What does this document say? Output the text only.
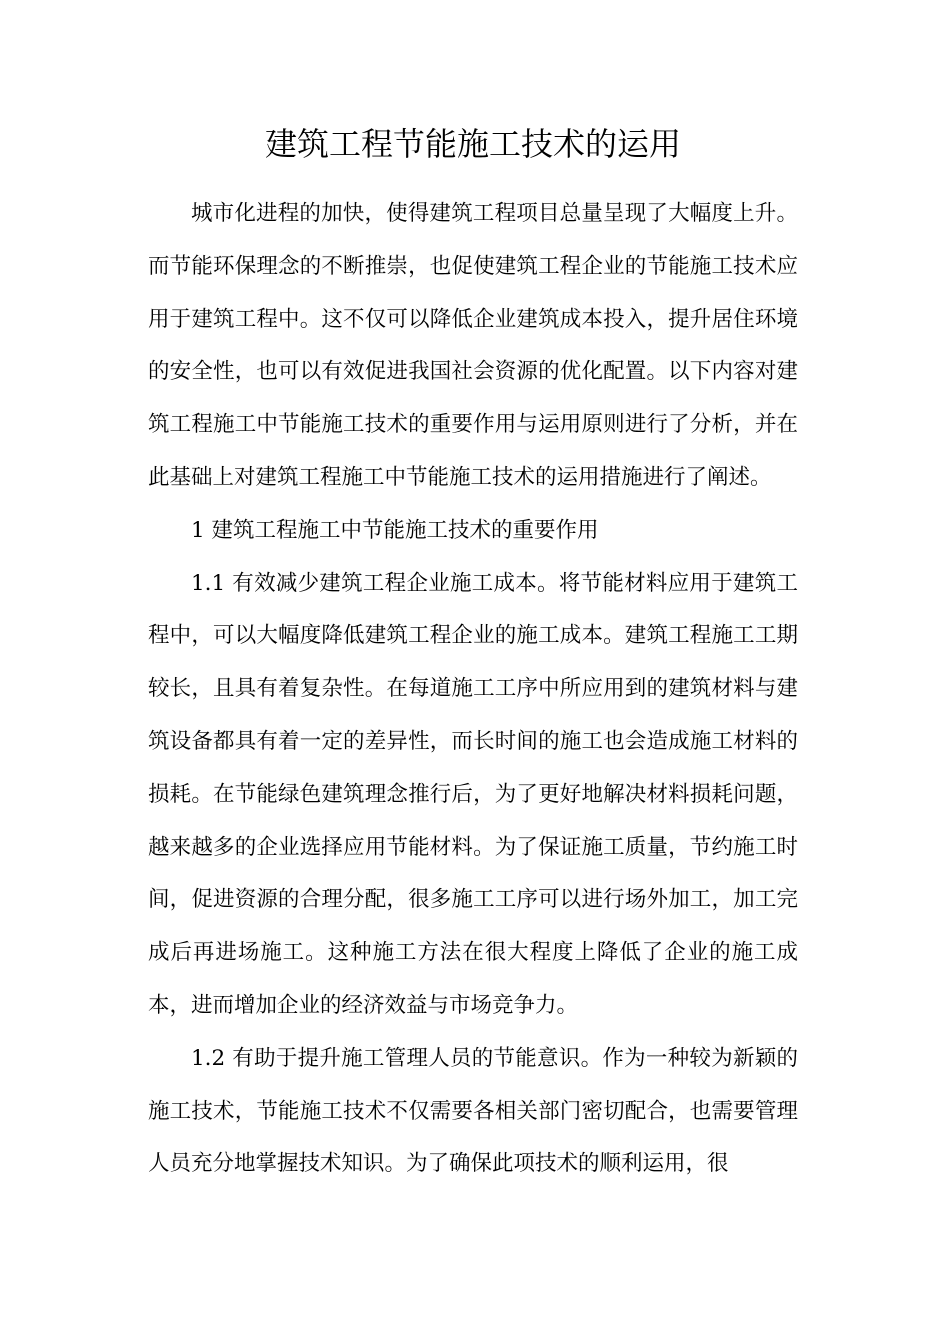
建筑工程节能施工技术的运用

城市化进程的加快，使得建筑工程项目总量呈现了大幅度上升。而节能环保理念的不断推崇，也促使建筑工程企业的节能施工技术应用于建筑工程中。这不仅可以降低企业建筑成本投入，提升居住环境的安全性，也可以有效促进我国社会资源的优化配置。以下内容对建筑工程施工中节能施工技术的重要作用与运用原则进行了分析，并在此基础上对建筑工程施工中节能施工技术的运用措施进行了阐述。

1 建筑工程施工中节能施工技术的重要作用

1.1 有效减少建筑工程企业施工成本。将节能材料应用于建筑工程中，可以大幅度降低建筑工程企业的施工成本。建筑工程施工工期较长，且具有着复杂性。在每道施工工序中所应用到的建筑材料与建筑设备都具有着一定的差异性，而长时间的施工也会造成施工材料的损耗。在节能绿色建筑理念推行后，为了更好地解决材料损耗问题，越来越多的企业选择应用节能材料。为了保证施工质量，节约施工时间，促进资源的合理分配，很多施工工序可以进行场外加工，加工完成后再进场施工。这种施工方法在很大程度上降低了企业的施工成本，进而增加企业的经济效益与市场竞争力。

1.2 有助于提升施工管理人员的节能意识。作为一种较为新颖的施工技术，节能施工技术不仅需要各相关部门密切配合，也需要管理人员充分地掌握技术知识。为了确保此项技术的顺利运用，很
